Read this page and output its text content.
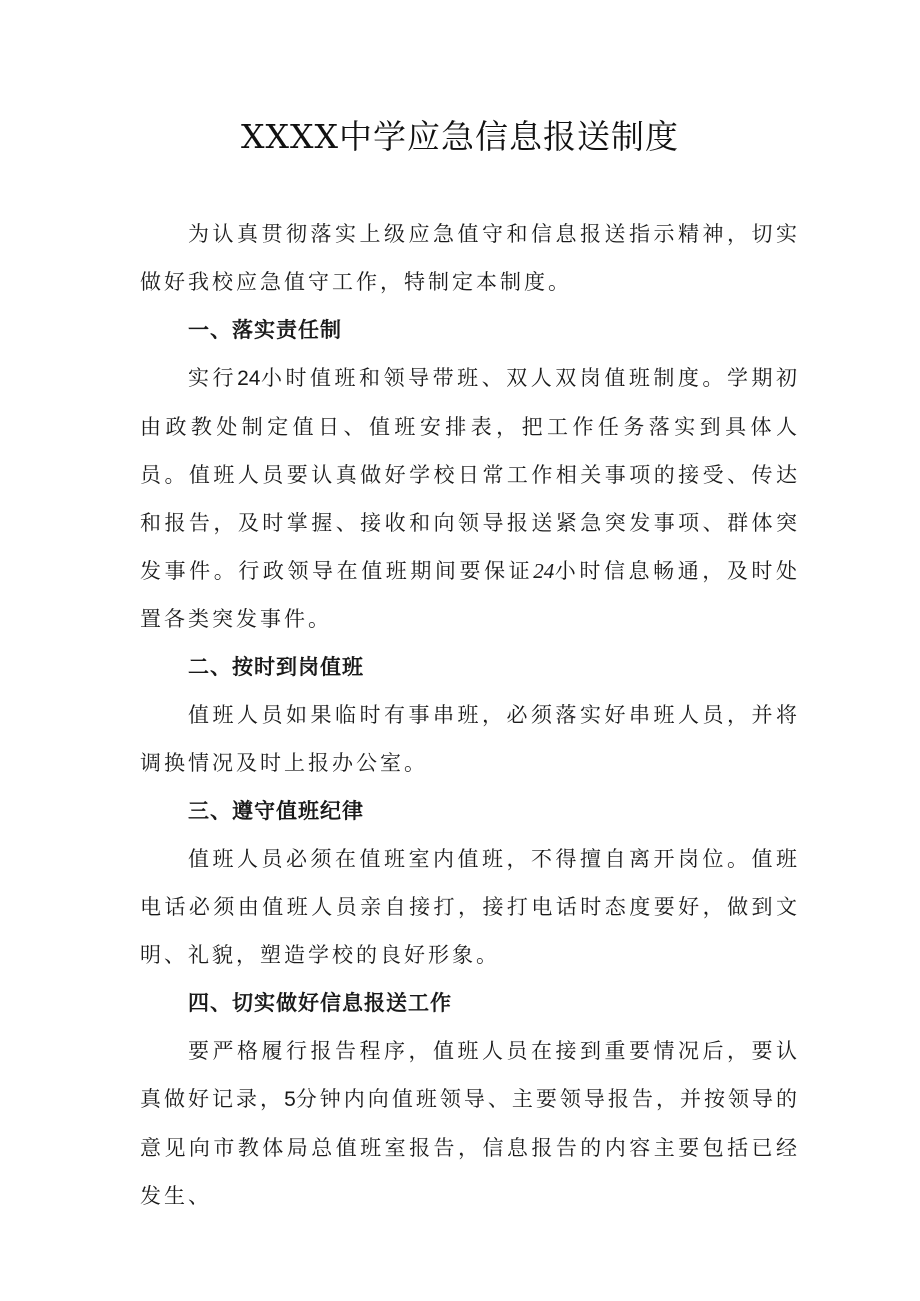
XXXX中学应急信息报送制度

为认真贯彻落实上级应急值守和信息报送指示精神，切实做好我校应急值守工作，特制定本制度。

一、落实责任制

实行24小时值班和领导带班、双人双岗值班制度。学期初由政教处制定值日、值班安排表，把工作任务落实到具体人员。值班人员要认真做好学校日常工作相关事项的接受、传达和报告，及时掌握、接收和向领导报送紧急突发事项、群体突发事件。行政领导在值班期间要保证24小时信息畅通，及时处置各类突发事件。

二、按时到岗值班

值班人员如果临时有事串班，必须落实好串班人员，并将调换情况及时上报办公室。

三、遵守值班纪律

值班人员必须在值班室内值班，不得擅自离开岗位。值班电话必须由值班人员亲自接打，接打电话时态度要好，做到文明、礼貌，塑造学校的良好形象。

四、切实做好信息报送工作

要严格履行报告程序，值班人员在接到重要情况后，要认真做好记录，5分钟内向值班领导、主要领导报告，并按领导的意见向市教体局总值班室报告，信息报告的内容主要包括已经发生、
